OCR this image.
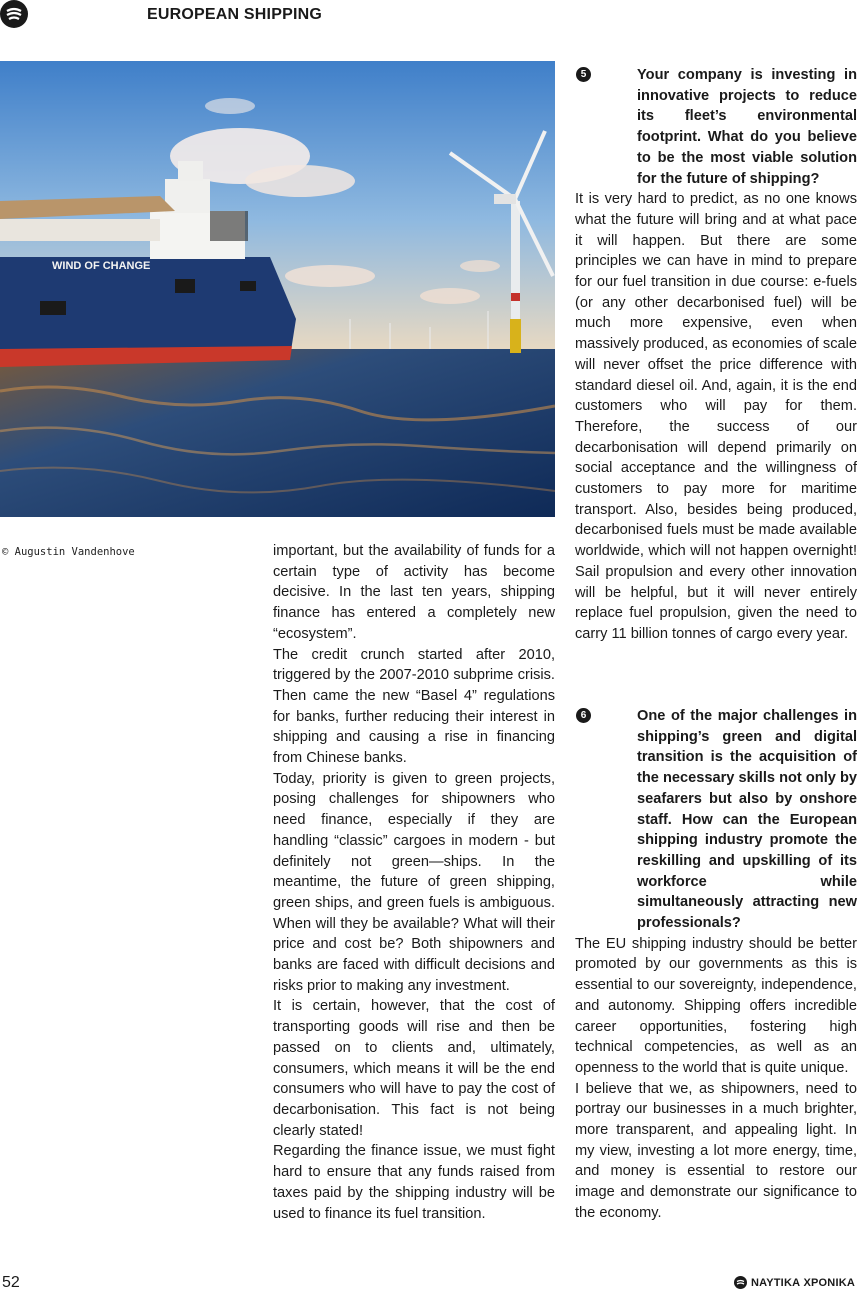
EUROPEAN SHIPPING
WIND OF CHANGE
© Augustin Vandenhove	important, but the availability of funds for a certain type of activity has become decisive. In the last ten years, shipping finance has entered a completely new “ecosystem”.

The credit crunch started after 2010, triggered by the 2007-2010 subprime crisis. Then came the new “Basel 4” regulations for banks, further reducing their interest in shipping and causing a rise in financing from Chinese banks.

Today, priority is given to green projects, posing challenges for shipowners who need finance, especially if they are handling “classic” cargoes in modern - but definitely not green—ships. In the meantime, the future of green shipping, green ships, and green fuels is ambiguous. When will they be available? What will their price and cost be? Both shipowners and banks are faced with difficult decisions and risks prior to making any investment.

It is certain, however, that the cost of transporting goods will rise and then be passed on to clients and, ultimately, consumers, which means it will be the end consumers who will have to pay the cost of decarbonisation. This fact is not being clearly stated!

Regarding the finance issue, we must fight hard to ensure that any funds raised from taxes paid by the shipping industry will be used to finance its fuel transition.

5	Your company is investing in innovative projects to reduce its fleet’s environmental footprint. What do you believe to be the most viable solution for the future of shipping?

It is very hard to predict, as no one knows what the future will bring and at what pace it will happen. But there are some principles we can have in mind to prepare for our fuel transition in due course: e-fuels (or any other decarbonised fuel) will be much more expensive, even when massively produced, as economies of scale will never offset the price difference with standard diesel oil. And, again, it is the end customers who will pay for them. Therefore, the success of our decarbonisation will depend primarily on social acceptance and the willingness of customers to pay more for maritime transport. Also, besides being produced, decarbonised fuels must be made available worldwide, which will not happen overnight! Sail propulsion and every other innovation will be helpful, but it will never entirely replace fuel propulsion, given the need to carry 11 billion tonnes of cargo every year.

6	One of the major challenges in shipping’s green and digital transition is the acquisition of the necessary skills not only by seafarers but also by onshore staff. How can the European shipping industry promote the reskilling and upskilling of its workforce while simultaneously attracting new professionals?

The EU shipping industry should be better promoted by our governments as this is essential to our sovereignty, independence, and autonomy. Shipping offers incredible career opportunities, fostering high technical competencies, as well as an openness to the world that is quite unique.

I believe that we, as shipowners, need to portray our businesses in a much brighter, more transparent, and appealing light. In my view, investing a lot more energy, time, and money is essential to restore our image and demonstrate our significance to the economy.

52	ΝΑΥΤΙΚΑ ΧΡΟΝΙΚΑ
